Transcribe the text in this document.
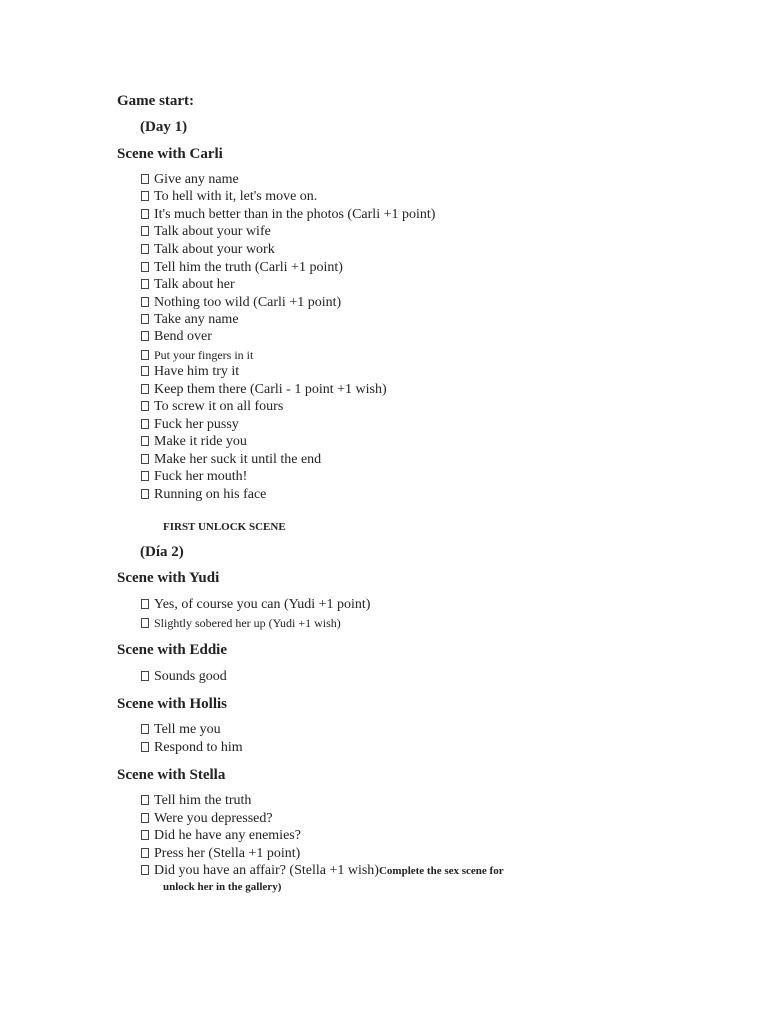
Game start:
(Day 1)
Scene with Carli
Give any name
To hell with it, let's move on.
It's much better than in the photos (Carli +1 point)
Talk about your wife
Talk about your work
Tell him the truth (Carli +1 point)
Talk about her
Nothing too wild (Carli +1 point)
Take any name
Bend over
Put your fingers in it
Have him try it
Keep them there (Carli - 1 point +1 wish)
To screw it on all fours
Fuck her pussy
Make it ride you
Make her suck it until the end
Fuck her mouth!
Running on his face
FIRST UNLOCK SCENE
(Día 2)
Scene with Yudi
Yes, of course you can (Yudi +1 point)
Slightly sobered her up (Yudi +1 wish)
Scene with Eddie
Sounds good
Scene with Hollis
Tell me you
Respond to him
Scene with Stella
Tell him the truth
Were you depressed?
Did he have any enemies?
Press her (Stella +1 point)
Did you have an affair? (Stella +1 wish)Complete the sex scene for
unlock her in the gallery)
